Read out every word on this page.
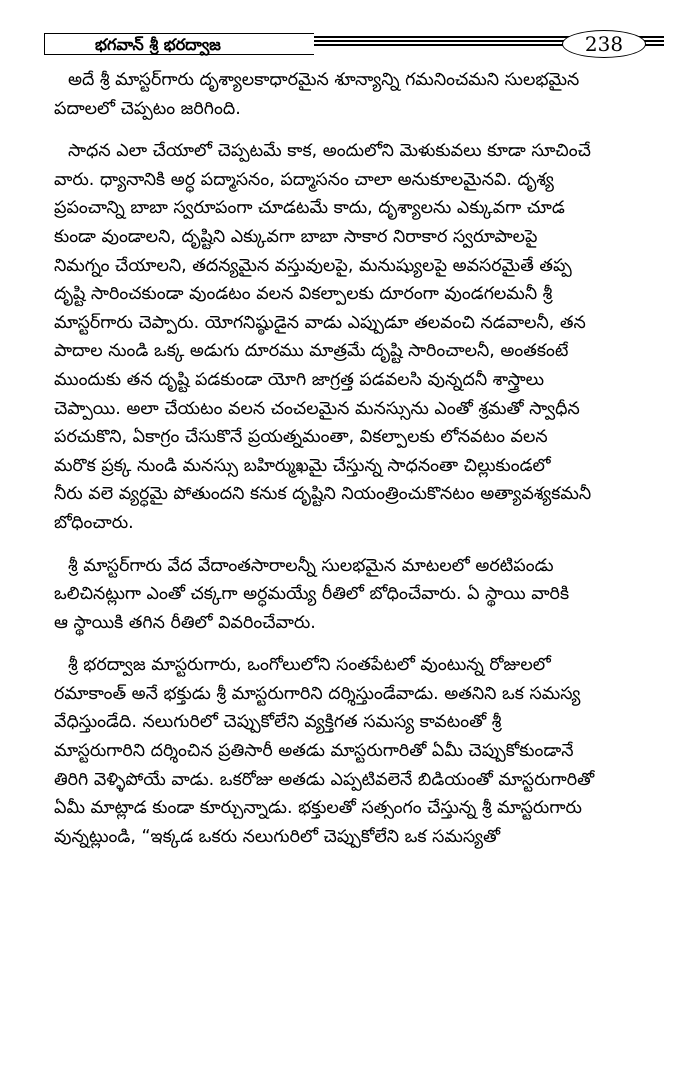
భగవాన్ శ్రీ భరద్వాజ	238
అదే శ్రీ మాస్టర్‌గారు దృశ్యాలకాధారమైన శూన్యాన్ని గమనించమని సులభమైన
పదాలలో చెప్పటం జరిగింది.
సాధన ఎలా చేయాలో చెప్పటమే కాక, అందులోని మెళుకువలు కూడా సూచించే
వారు. ధ్యానానికి అర్ధ పద్మాసనం, పద్మాసనం చాలా అనుకూలమైనవి. దృశ్య
ప్రపంచాన్ని బాబా స్వరూపంగా చూడటమే కాదు, దృశ్యాలను ఎక్కువగా చూడ
కుండా వుండాలని, దృష్టిని ఎక్కువగా బాబా సాకార నిరాకార స్వరూపాలపై
నిమగ్నం చేయాలని, తదన్యమైన వస్తువులపై, మనుష్యులపై అవసరమైతే తప్ప
దృష్టి సారించకుండా వుండటం వలన వికల్పాలకు దూరంగా వుండగలమనీ శ్రీ
మాస్టర్‌గారు చెప్పారు. యోగనిష్ఠుడైన వాడు ఎప్పుడూ తలవంచి నడవాలనీ, తన
పాదాల నుండి ఒక్క అడుగు దూరము మాత్రమే దృష్టి సారించాలనీ, అంతకంటే
ముందుకు తన దృష్టి పడకుండా యోగి జాగ్రత్త పడవలసి వున్నదనీ శాస్త్రాలు
చెప్పాయి. అలా చేయటం వలన చంచలమైన మనస్సును ఎంతో శ్రమతో స్వాధీన
పరచుకొని, ఏకాగ్రం చేసుకొనే ప్రయత్నమంతా, వికల్పాలకు లోనవటం వలన
మరొక ప్రక్క నుండి మనస్సు బహిర్ముఖమై చేస్తున్న సాధనంతా చిల్లుకుండలో
నీరు వలె వ్యర్ధమై పోతుందని కనుక దృష్టిని నియంత్రించుకొనటం అత్యావశ్యకమనీ
బోధించారు.
శ్రీ మాస్టర్‌గారు వేద వేదాంతసారాలన్నీ సులభమైన మాటలలో అరటిపండు
ఒలిచినట్లుగా ఎంతో చక్కగా అర్ధమయ్యే రీతిలో బోధించేవారు. ఏ స్థాయి వారికి
ఆ స్థాయికి తగిన రీతిలో వివరించేవారు.
శ్రీ భరద్వాజ మాస్టరుగారు, ఒంగోలులోని సంతపేటలో వుంటున్న రోజులలో
రమాకాంత్ అనే భక్తుడు శ్రీ మాస్టరుగారిని దర్శిస్తుండేవాడు. అతనిని ఒక సమస్య
వేధిస్తుండేది. నలుగురిలో చెప్పుకోలేని వ్యక్తిగత సమస్య కావటంతో శ్రీ
మాస్టరుగారిని దర్శించిన ప్రతిసారీ అతడు మాస్టరుగారితో ఏమీ చెప్పుకోకుండానే
తిరిగి వెళ్ళిపోయే వాడు. ఒకరోజు అతడు ఎప్పటివలెనే బిడియంతో మాస్టరుగారితో
ఏమీ మాట్లాడ కుండా కూర్చున్నాడు. భక్తులతో సత్సంగం చేస్తున్న శ్రీ మాస్టరుగారు
వున్నట్లుండి, “ఇక్కడ ఒకరు నలుగురిలో చెప్పుకోలేని ఒక సమస్యతో
